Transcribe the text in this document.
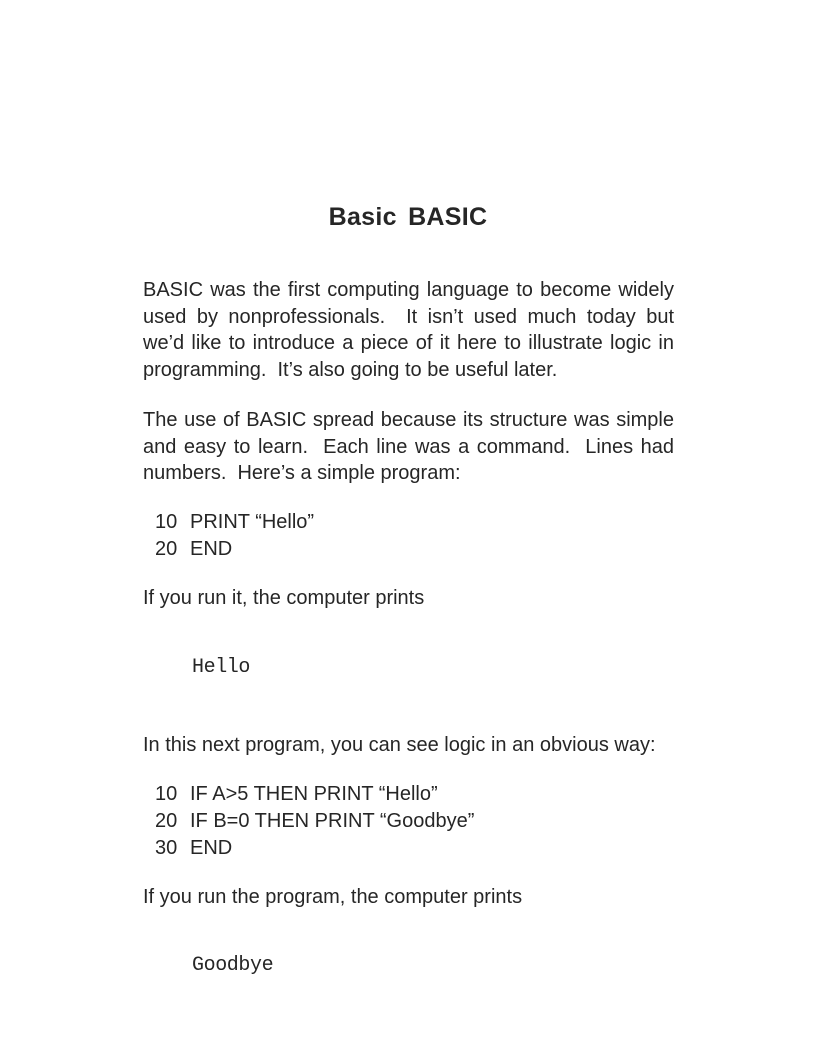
Basic BASIC
BASIC was the first computing language to become widely
used by nonprofessionals.  It isn’t used much today but
we’d like to introduce a piece of it here to illustrate logic in
programming.  It’s also going to be useful later.
The use of BASIC spread because its structure was simple
and easy to learn.  Each line was a command.  Lines had
numbers.  Here’s a simple program:
10 PRINT “Hello”
20 END
If you run it, the computer prints
Hello
In this next program, you can see logic in an obvious way:
10 IF A>5 THEN PRINT “Hello”
20 IF B=0 THEN PRINT “Goodbye”
30 END
If you run the program, the computer prints
Goodbye
